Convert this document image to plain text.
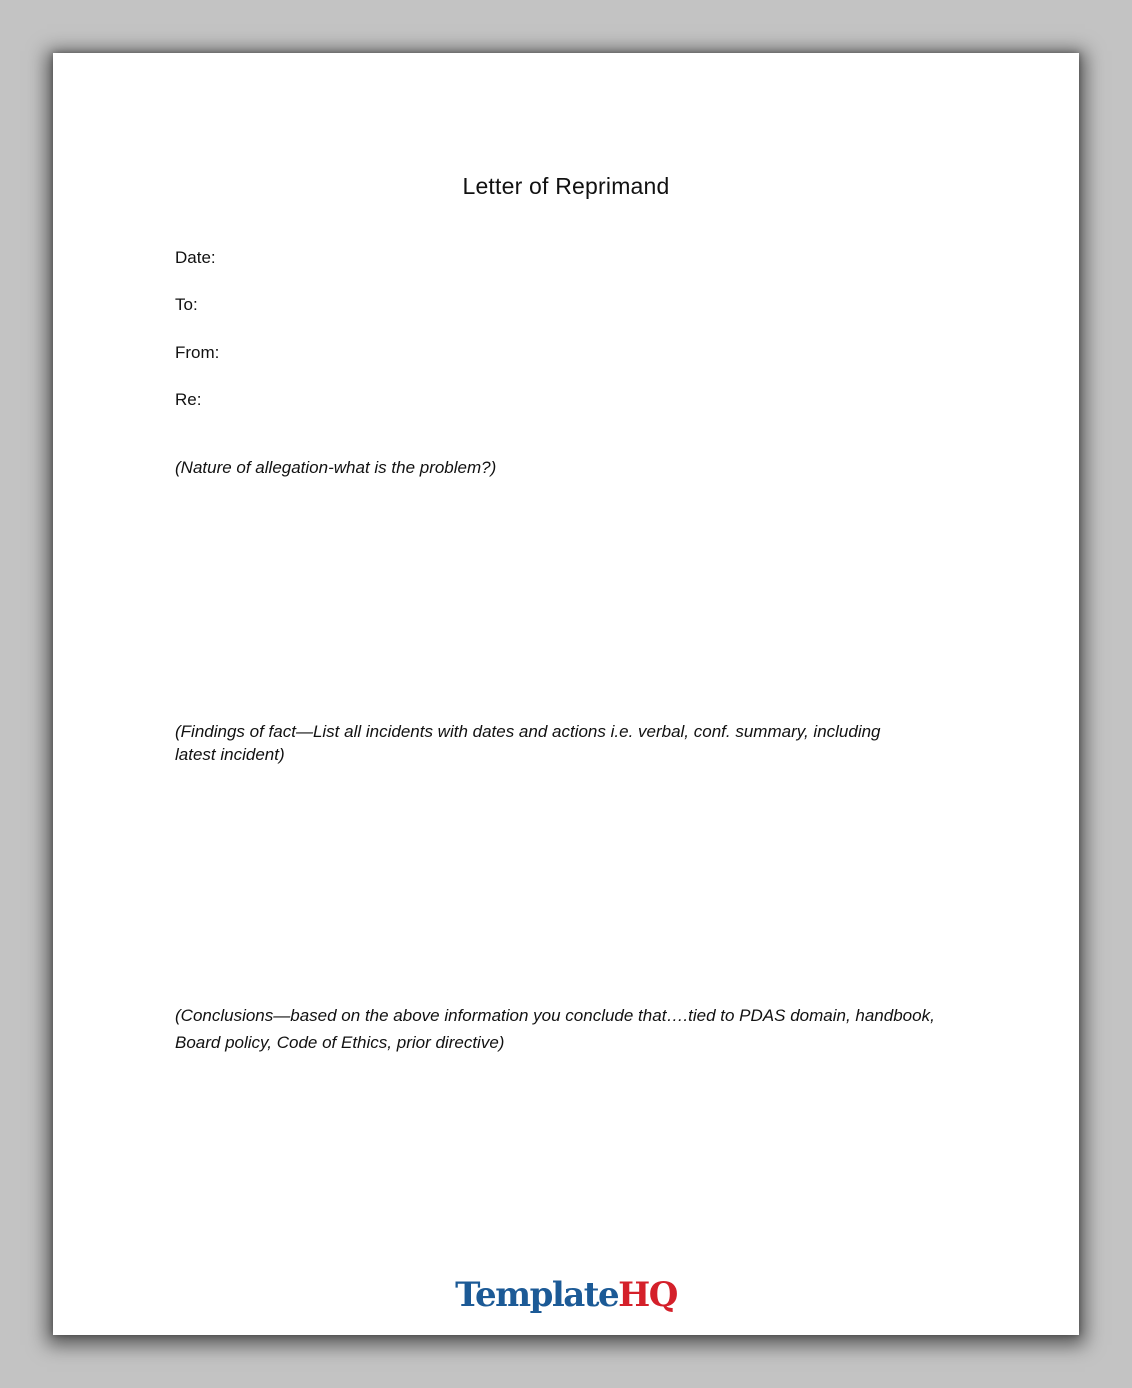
Letter of Reprimand
Date:
To:
From:
Re:
(Nature of allegation-what is the problem?)
(Findings of fact—List all incidents with dates and actions i.e. verbal, conf. summary, including latest incident)
(Conclusions—based on the above information you conclude that….tied to PDAS domain, handbook, Board policy, Code of Ethics, prior directive)
TemplateHQ
